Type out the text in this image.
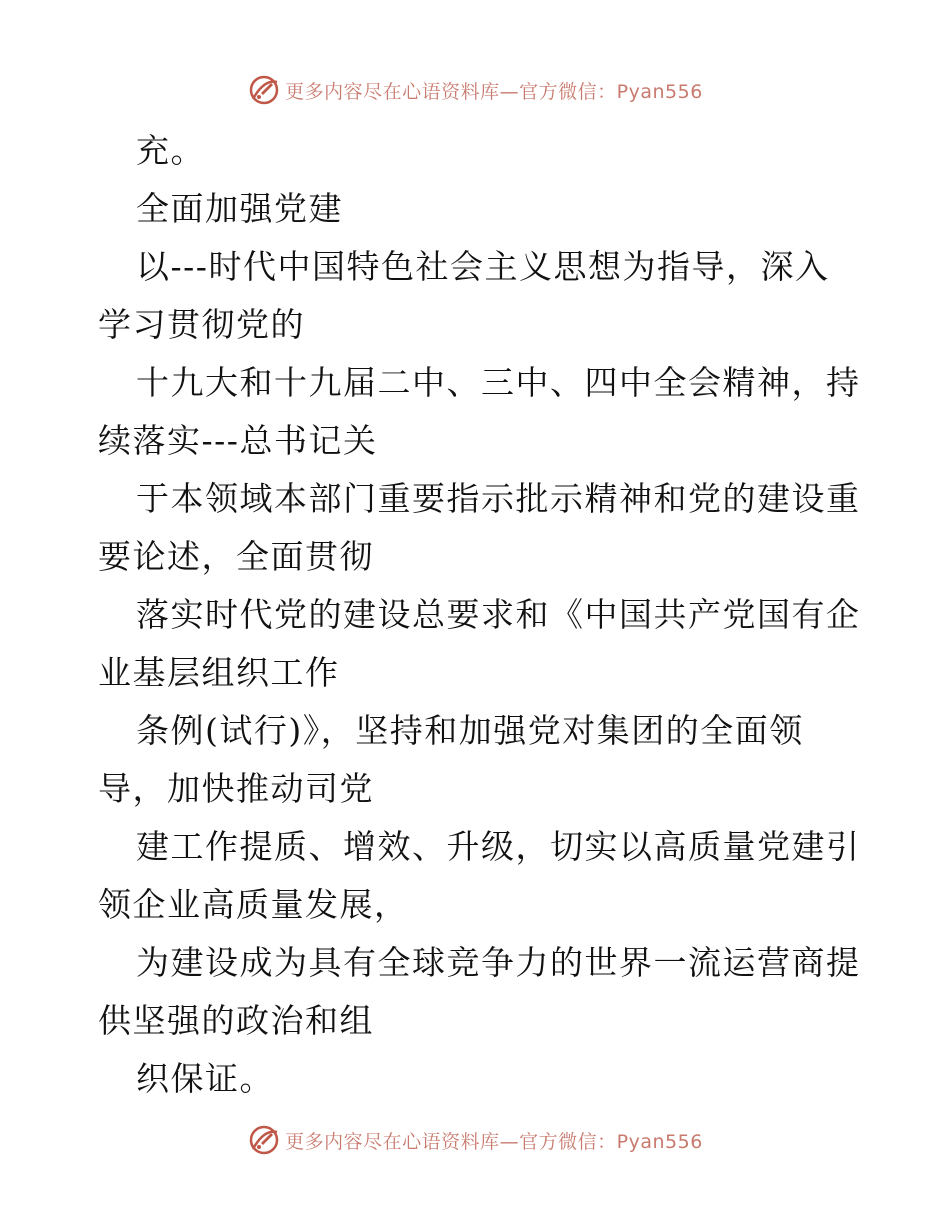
更多内容尽在心语资料库—官方微信：Pyan556
充。
全面加强党建
以---时代中国特色社会主义思想为指导，深入
学习贯彻党的
十九大和十九届二中、三中、四中全会精神，持
续落实---总书记关
于本领域本部门重要指示批示精神和党的建设重
要论述，全面贯彻
落实时代党的建设总要求和《中国共产党国有企
业基层组织工作
条例(试行)》，坚持和加强党对集团的全面领
导，加快推动司党
建工作提质、增效、升级，切实以高质量党建引
领企业高质量发展，
为建设成为具有全球竞争力的世界一流运营商提
供坚强的政治和组
织保证。
更多内容尽在心语资料库—官方微信：Pyan556
